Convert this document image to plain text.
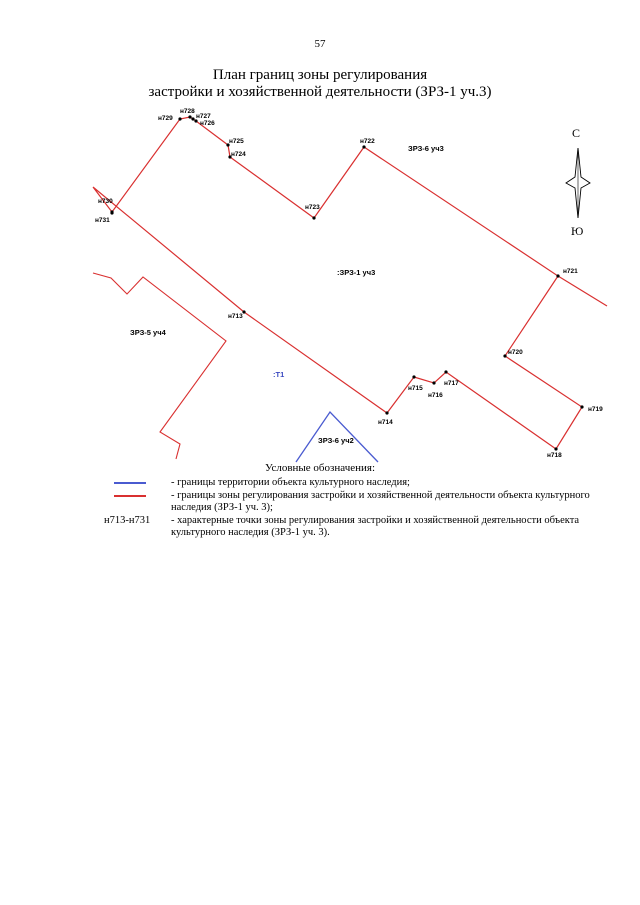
57
План границ зоны регулирования
застройки и хозяйственной деятельности (ЗРЗ-1 уч.3)
н713
н714
н715
н716
н717
н718
н719
н720
н721
н722
н723
н724
н725
н726
н727
н728
н729
н730
н731
ЗРЗ-6 уч3
:ЗРЗ-1 уч3
ЗРЗ-5 уч4
:Т1
ЗРЗ-6 уч2
С
Ю
Условные обозначения:
- границы территории объекта культурного наследия;
- границы зоны регулирования застройки и хозяйственной деятельности объекта культурного наследия (ЗРЗ-1 уч. 3);
н713-н731	- характерные точки зоны регулирования застройки и хозяйственной деятельности объекта культурного наследия (ЗРЗ-1 уч. 3).
